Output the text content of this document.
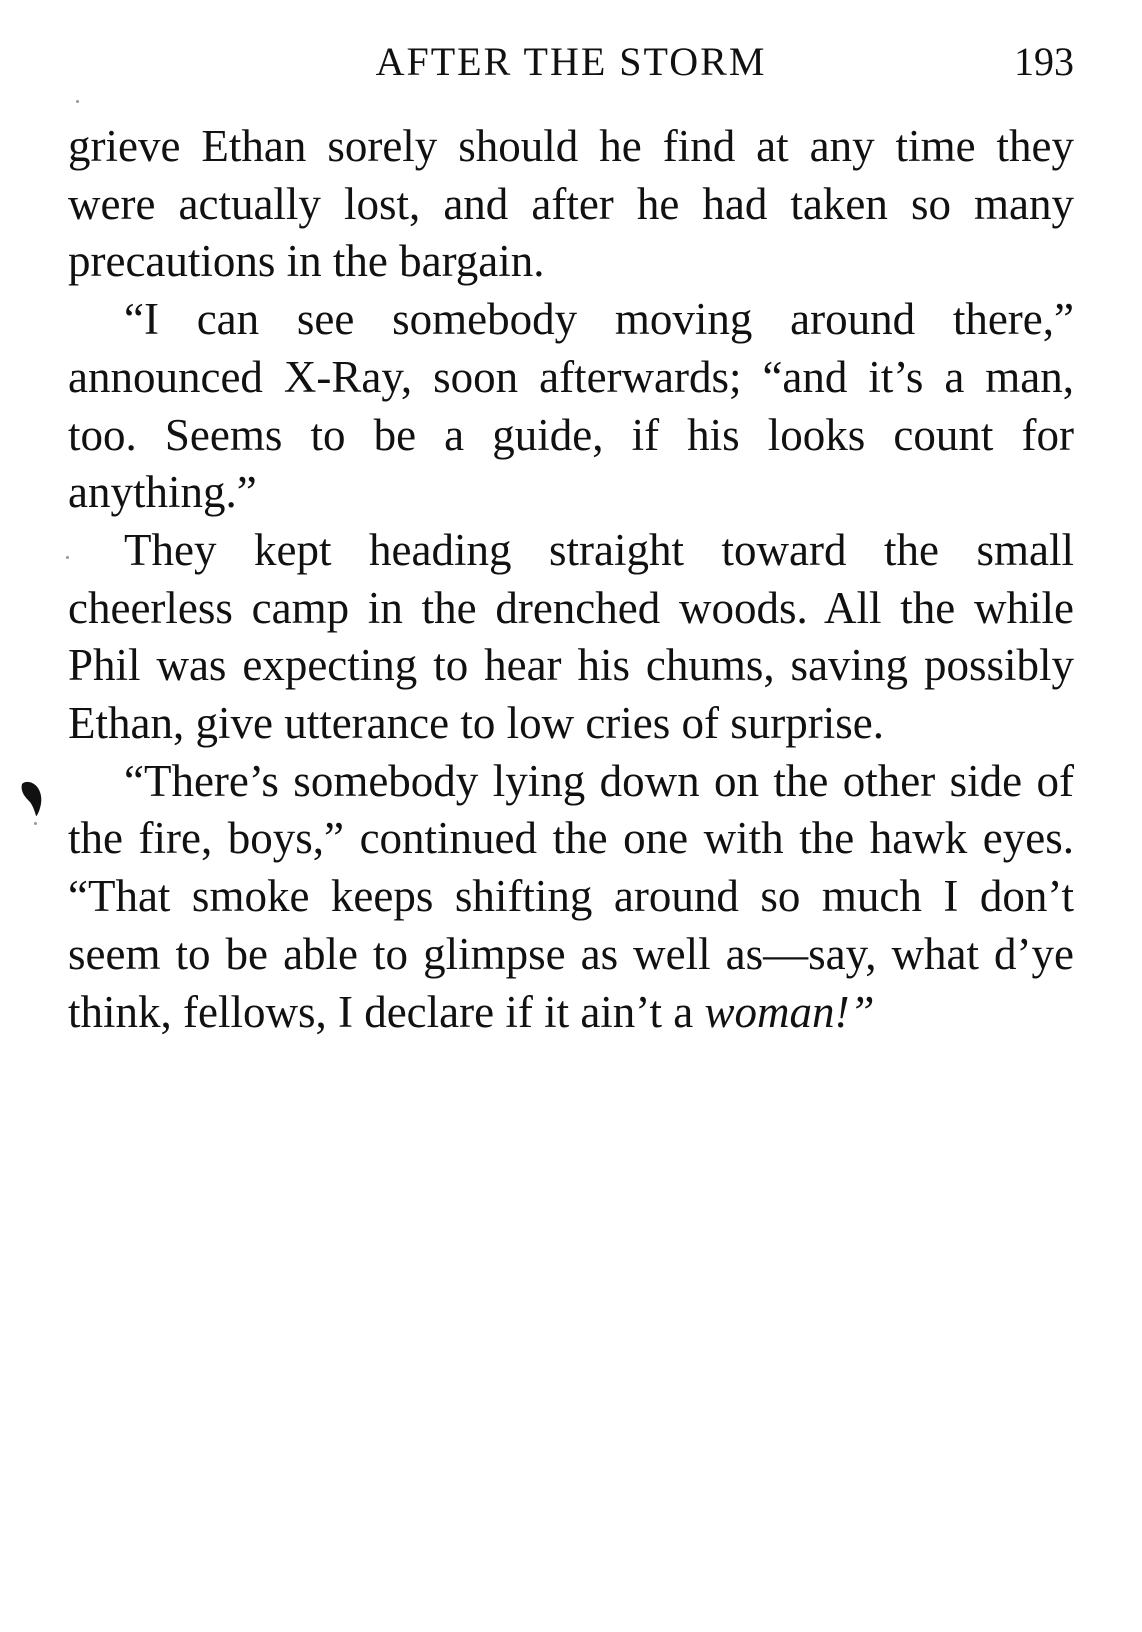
AFTER THE STORM	193

grieve Ethan sorely should he find at any time they were actually lost, and after he had taken so many precautions in the bargain.

“I can see somebody moving around there,” announced X-Ray, soon afterwards; “and it’s a man, too. Seems to be a guide, if his looks count for anything.”

They kept heading straight toward the small cheerless camp in the drenched woods. All the while Phil was expecting to hear his chums, saving possibly Ethan, give utterance to low cries of surprise.

“There’s somebody lying down on the other side of the fire, boys,” continued the one with the hawk eyes. “That smoke keeps shifting around so much I don’t seem to be able to glimpse as well as—say, what d’ye think, fellows, I declare if it ain’t a woman!”
